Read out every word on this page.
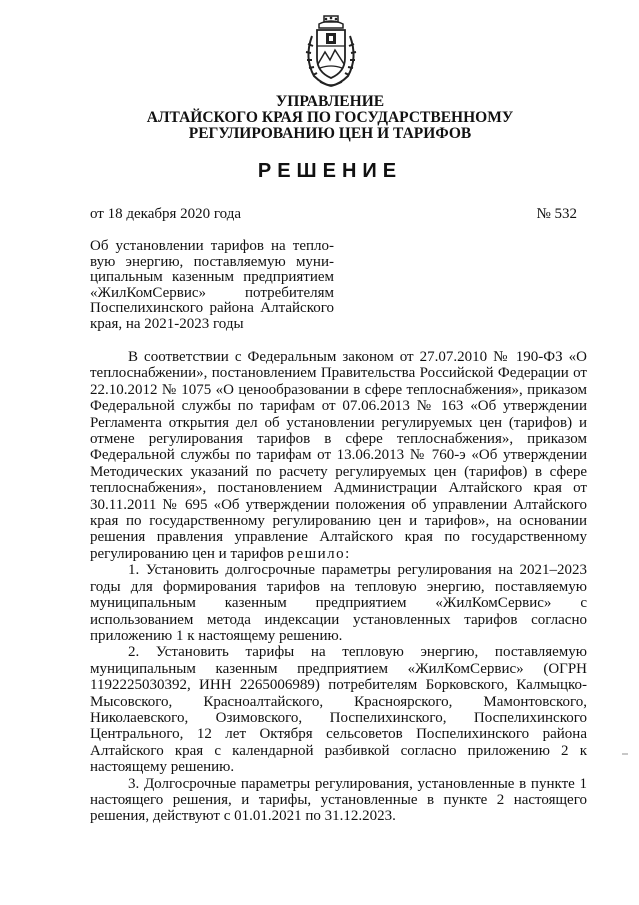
УПРАВЛЕНИЕ
АЛТАЙСКОГО КРАЯ ПО ГОСУДАРСТВЕННОМУ
РЕГУЛИРОВАНИЮ ЦЕН И ТАРИФОВ
РЕШЕНИЕ
от 18 декабря 2020 года	№ 532
Об установлении тарифов на тепло-вую энергию, поставляемую муни-ципальным казенным предприятием «ЖилКомСервис» потребителям Поспелихинского района Алтайского края, на 2021-2023 годы

В соответствии с Федеральным законом от 27.07.2010 № 190-ФЗ «О теплоснабжении», постановлением Правительства Российской Федерации от 22.10.2012 № 1075 «О ценообразовании в сфере теплоснабжения», приказом Федеральной службы по тарифам от 07.06.2013 № 163 «Об утверждении Регламента открытия дел об установлении регулируемых цен (тарифов) и отмене регулирования тарифов в сфере теплоснабжения», приказом Федеральной службы по тарифам от 13.06.2013 № 760-э «Об утверждении Методических указаний по расчету регулируемых цен (тарифов) в сфере теплоснабжения», постановлением Администрации Алтайского края от 30.11.2011 № 695 «Об утверждении положения об управлении Алтайского края по государственному регулированию цен и тарифов», на основании решения правления управление Алтайского края по государственному регулированию цен и тарифов решило:

1. Установить долгосрочные параметры регулирования на 2021–2023 годы для формирования тарифов на тепловую энергию, поставляемую муниципальным казенным предприятием «ЖилКомСервис» с использованием метода индексации установленных тарифов согласно приложению 1 к настоящему решению.

2. Установить тарифы на тепловую энергию, поставляемую муниципальным казенным предприятием «ЖилКомСервис» (ОГРН 1192225030392, ИНН 2265006989) потребителям Борковского, Калмыцко-Мысовского, Красноалтайского, Красноярского, Мамонтовского, Николаевского, Озимовского, Поспелихинского, Поспелихинского Центрального, 12 лет Октября сельсоветов Поспелихинского района Алтайского края с календарной разбивкой согласно приложению 2 к настоящему решению.

3. Долгосрочные параметры регулирования, установленные в пункте 1 настоящего решения, и тарифы, установленные в пункте 2 настоящего решения, действуют с 01.01.2021 по 31.12.2023.
